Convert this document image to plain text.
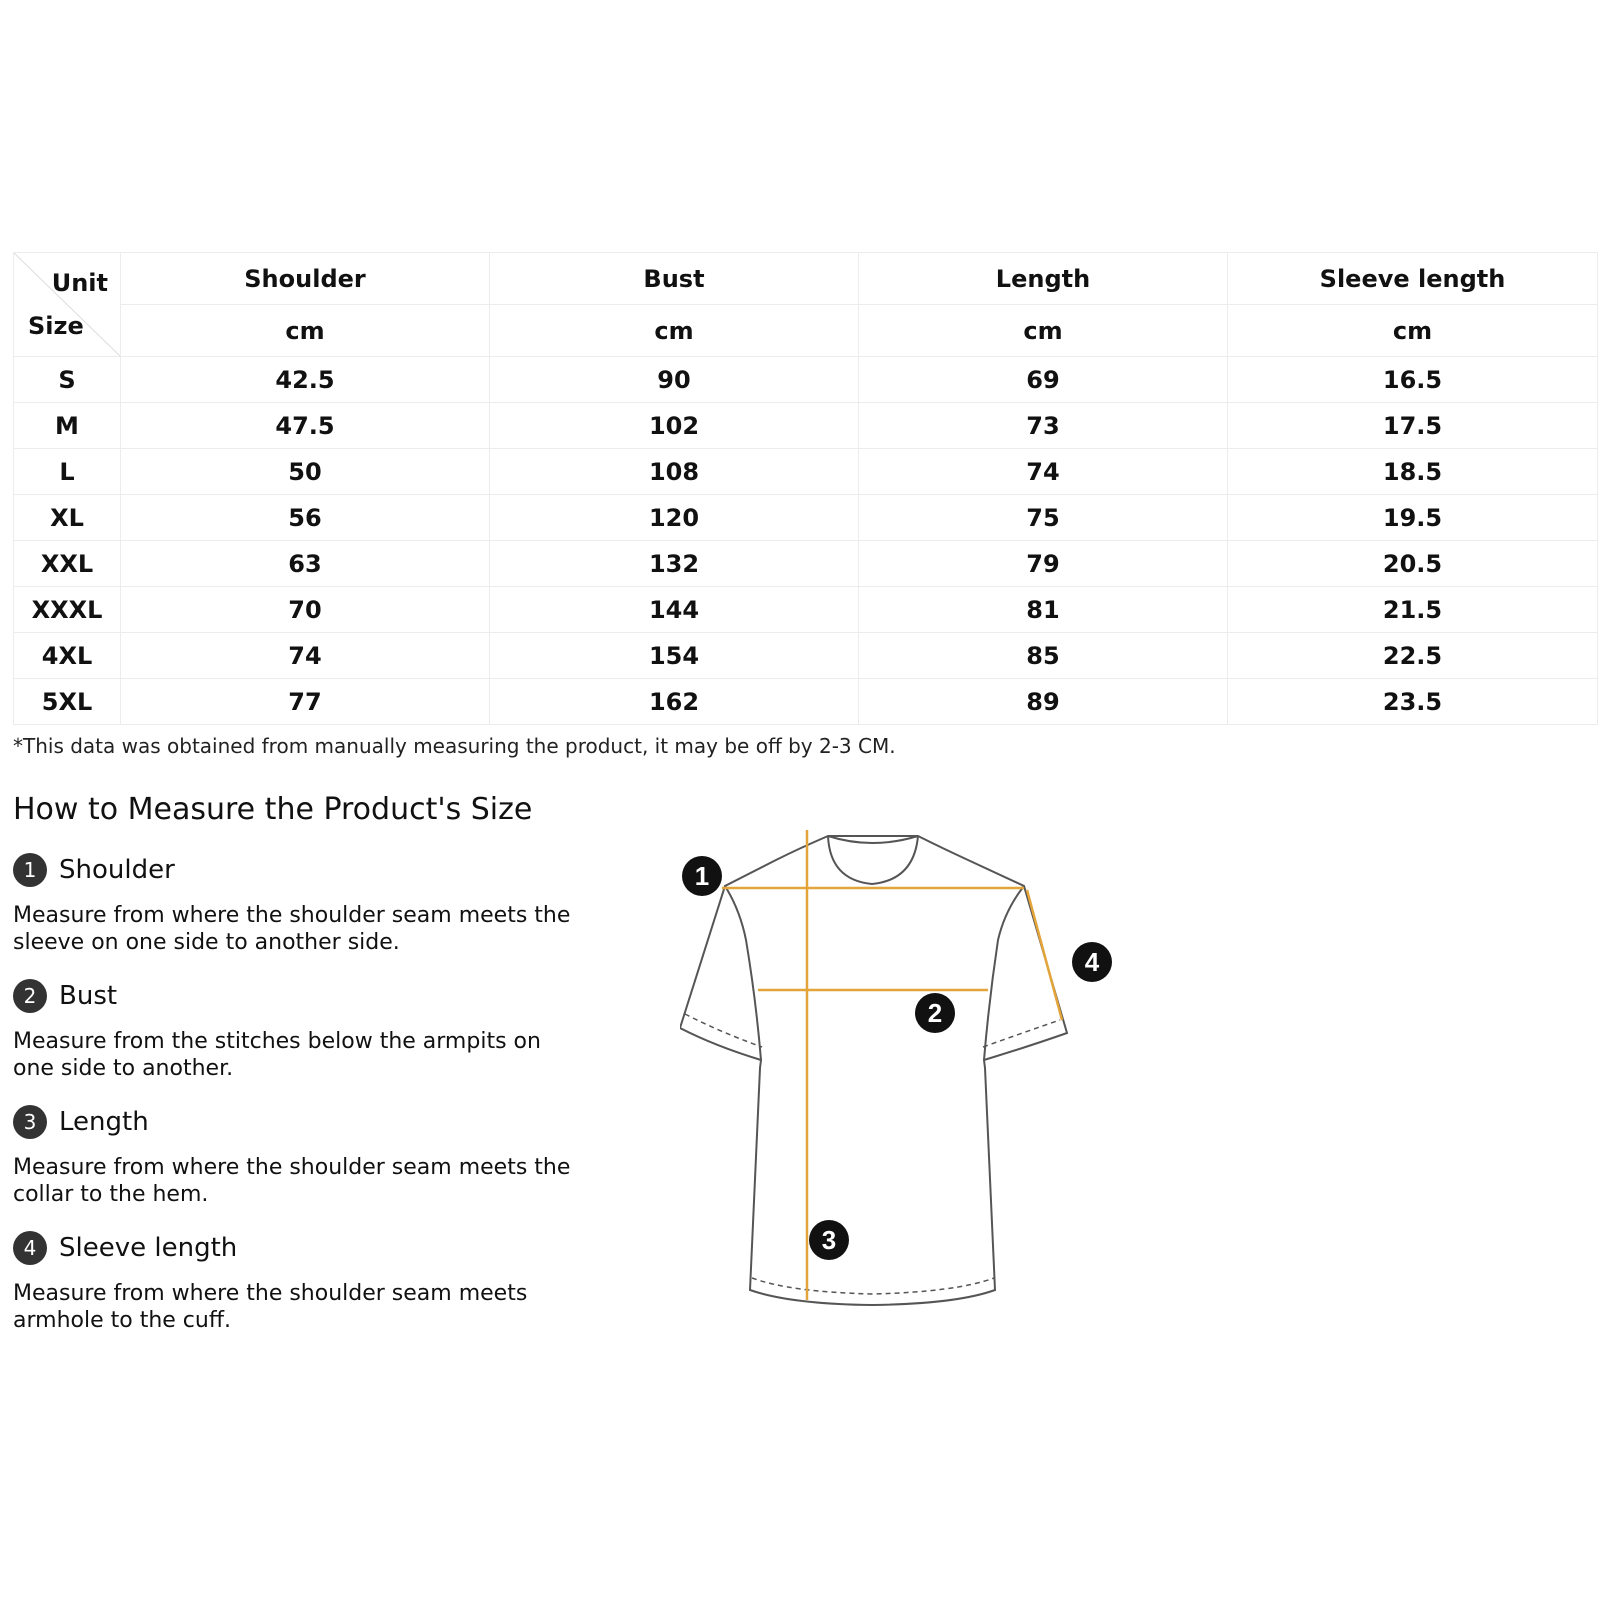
Unit
Size	Shoulder	Bust	Length	Sleeve length
	cm	cm	cm	cm
S	42.5	90	69	16.5
M	47.5	102	73	17.5
L	50	108	74	18.5
XL	56	120	75	19.5
XXL	63	132	79	20.5
XXXL	70	144	81	21.5
4XL	74	154	85	22.5
5XL	77	162	89	23.5
*This data was obtained from manually measuring the product, it may be off by 2-3 CM.
How to Measure the Product's Size
1 Shoulder
Measure from where the shoulder seam meets the sleeve on one side to another side.
2 Bust
Measure from the stitches below the armpits on one side to another.
3 Length
Measure from where the shoulder seam meets the collar to the hem.
4 Sleeve length
Measure from where the shoulder seam meets armhole to the cuff.
1
2
3
4
